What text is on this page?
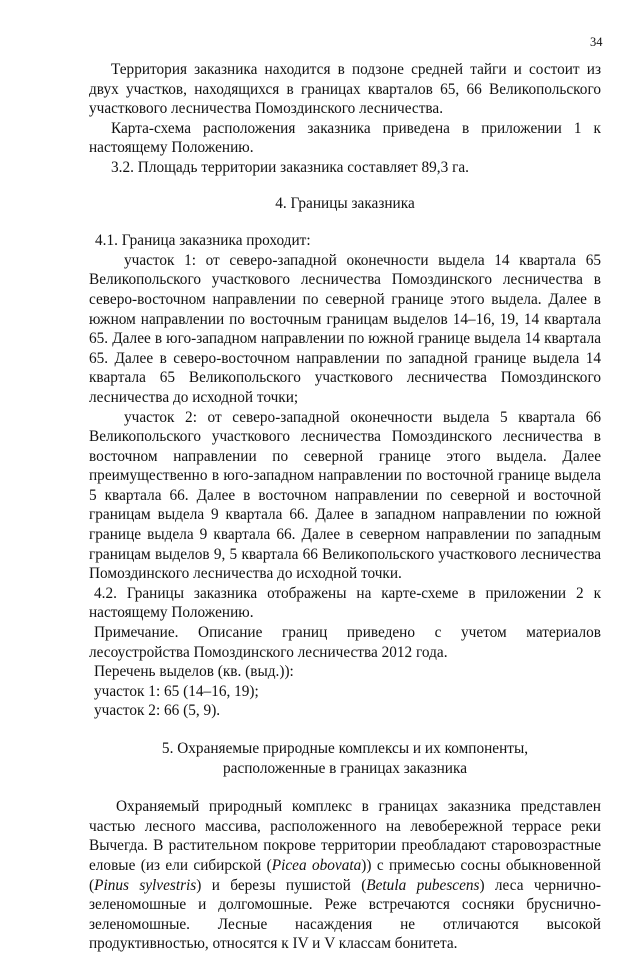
34

Территория заказника находится в подзоне средней тайги и состоит из двух участков, находящихся в границах кварталов 65, 66 Великопольского участкового лесничества Помоздинского лесничества.

Карта-схема расположения заказника приведена в приложении 1 к настоящему Положению.

3.2. Площадь территории заказника составляет 89,3 га.

4. Границы заказника

4.1. Граница заказника проходит:

участок 1: от северо-западной оконечности выдела 14 квартала 65 Великопольского участкового лесничества Помоздинского лесничества в северо-восточном направлении по северной границе этого выдела. Далее в южном направлении по восточным границам выделов 14–16, 19, 14 квартала 65. Далее в юго-западном направлении по южной границе выдела 14 квартала 65. Далее в северо-восточном направлении по западной границе выдела 14 квартала 65 Великопольского участкового лесничества Помоздинского лесничества до исходной точки;

участок 2: от северо-западной оконечности выдела 5 квартала 66 Великопольского участкового лесничества Помоздинского лесничества в восточном направлении по северной границе этого выдела. Далее преимущественно в юго-западном направлении по восточной границе выдела 5 квартала 66. Далее в восточном направлении по северной и восточной границам выдела 9 квартала 66. Далее в западном направлении по южной границе выдела 9 квартала 66. Далее в северном направлении по западным границам выделов 9, 5 квартала 66 Великопольского участкового лесничества Помоздинского лесничества до исходной точки.

4.2. Границы заказника отображены на карте-схеме в приложении 2 к настоящему Положению.

Примечание. Описание границ приведено с учетом материалов лесоустройства Помоздинского лесничества 2012 года.

Перечень выделов (кв. (выд.)):

участок 1: 65 (14–16, 19);

участок 2: 66 (5, 9).

5. Охраняемые природные комплексы и их компоненты,
расположенные в границах заказника

Охраняемый природный комплекс в границах заказника представлен частью лесного массива, расположенного на левобережной террасе реки Вычегда. В растительном покрове территории преобладают старовозрастные еловые (из ели сибирской (Picea obovata)) с примесью сосны обыкновенной (Pinus sylvestris) и березы пушистой (Betula pubescens) леса чернично-зеленомошные и долгомошные. Реже встречаются сосняки бруснично-зеленомошные. Лесные насаждения не отличаются высокой продуктивностью, относятся к IV и V классам бонитета.
